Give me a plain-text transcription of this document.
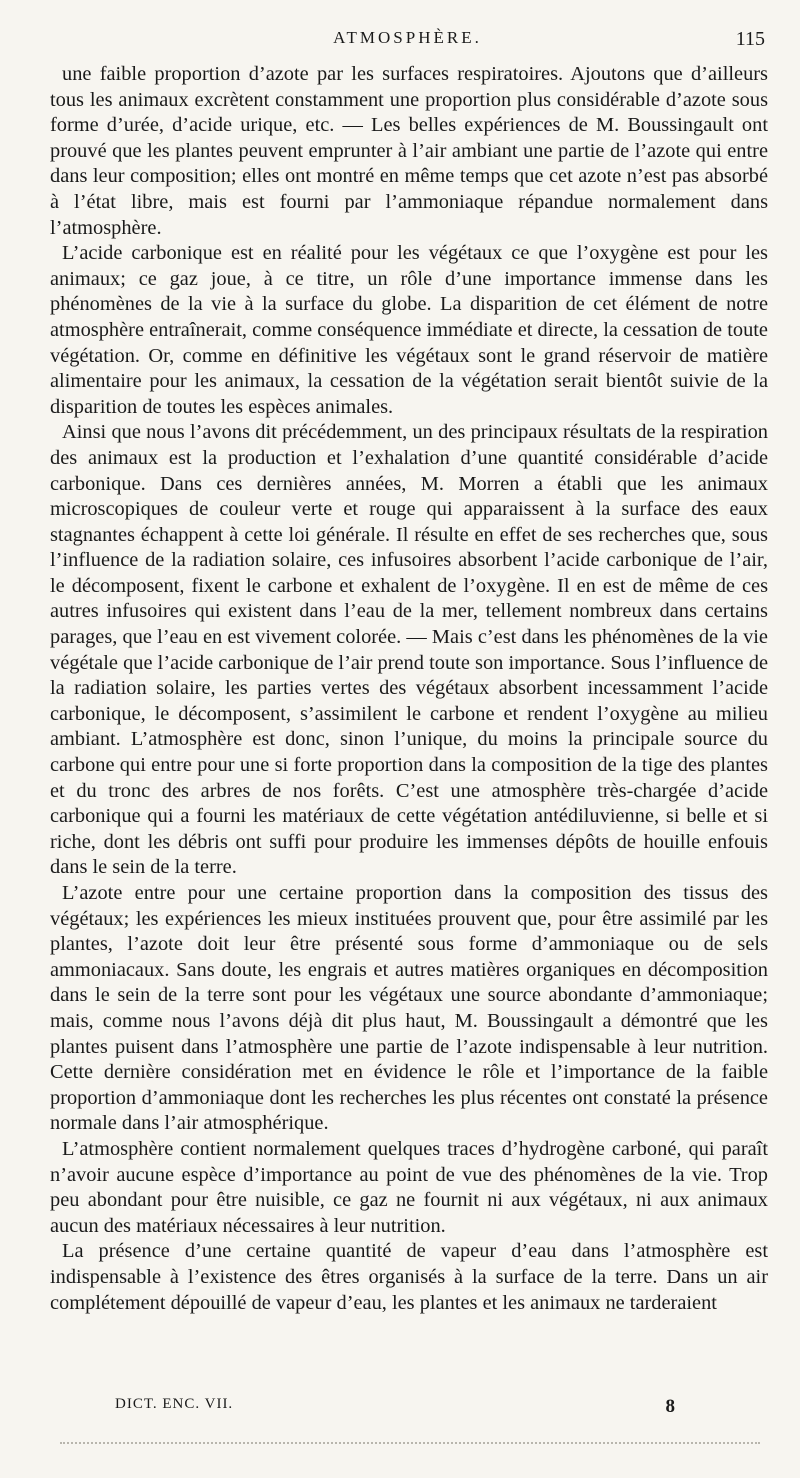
ATMOSPHÈRE.	115

une faible proportion d’azote par les surfaces respiratoires. Ajoutons que d’ailleurs tous les animaux excrètent constamment une proportion plus considérable d’azote sous forme d’urée, d’acide urique, etc. — Les belles expériences de M. Boussingault ont prouvé que les plantes peuvent emprunter à l’air ambiant une partie de l’azote qui entre dans leur composition; elles ont montré en même temps que cet azote n’est pas absorbé à l’état libre, mais est fourni par l’ammoniaque répandue normalement dans l’atmosphère.

L’acide carbonique est en réalité pour les végétaux ce que l’oxygène est pour les animaux; ce gaz joue, à ce titre, un rôle d’une importance immense dans les phénomènes de la vie à la surface du globe. La disparition de cet élément de notre atmosphère entraînerait, comme conséquence immédiate et directe, la cessation de toute végétation. Or, comme en définitive les végétaux sont le grand réservoir de matière alimentaire pour les animaux, la cessation de la végétation serait bientôt suivie de la disparition de toutes les espèces animales.

Ainsi que nous l’avons dit précédemment, un des principaux résultats de la respiration des animaux est la production et l’exhalation d’une quantité considérable d’acide carbonique. Dans ces dernières années, M. Morren a établi que les animaux microscopiques de couleur verte et rouge qui apparaissent à la surface des eaux stagnantes échappent à cette loi générale. Il résulte en effet de ses recherches que, sous l’influence de la radiation solaire, ces infusoires absorbent l’acide carbonique de l’air, le décomposent, fixent le carbone et exhalent de l’oxygène. Il en est de même de ces autres infusoires qui existent dans l’eau de la mer, tellement nombreux dans certains parages, que l’eau en est vivement colorée. — Mais c’est dans les phénomènes de la vie végétale que l’acide carbonique de l’air prend toute son importance. Sous l’influence de la radiation solaire, les parties vertes des végétaux absorbent incessamment l’acide carbonique, le décomposent, s’assimilent le carbone et rendent l’oxygène au milieu ambiant. L’atmosphère est donc, sinon l’unique, du moins la principale source du carbone qui entre pour une si forte proportion dans la composition de la tige des plantes et du tronc des arbres de nos forêts. C’est une atmosphère très-chargée d’acide carbonique qui a fourni les matériaux de cette végétation antédiluvienne, si belle et si riche, dont les débris ont suffi pour produire les immenses dépôts de houille enfouis dans le sein de la terre.

L’azote entre pour une certaine proportion dans la composition des tissus des végétaux; les expériences les mieux instituées prouvent que, pour être assimilé par les plantes, l’azote doit leur être présenté sous forme d’ammoniaque ou de sels ammoniacaux. Sans doute, les engrais et autres matières organiques en décomposition dans le sein de la terre sont pour les végétaux une source abondante d’ammoniaque; mais, comme nous l’avons déjà dit plus haut, M. Boussingault a démontré que les plantes puisent dans l’atmosphère une partie de l’azote indispensable à leur nutrition. Cette dernière considération met en évidence le rôle et l’importance de la faible proportion d’ammoniaque dont les recherches les plus récentes ont constaté la présence normale dans l’air atmosphérique.

L’atmosphère contient normalement quelques traces d’hydrogène carboné, qui paraît n’avoir aucune espèce d’importance au point de vue des phénomènes de la vie. Trop peu abondant pour être nuisible, ce gaz ne fournit ni aux végétaux, ni aux animaux aucun des matériaux nécessaires à leur nutrition.

La présence d’une certaine quantité de vapeur d’eau dans l’atmosphère est indispensable à l’existence des êtres organisés à la surface de la terre. Dans un air complétement dépouillé de vapeur d’eau, les plantes et les animaux ne tarderaient

DICT. ENC. VII.	8
